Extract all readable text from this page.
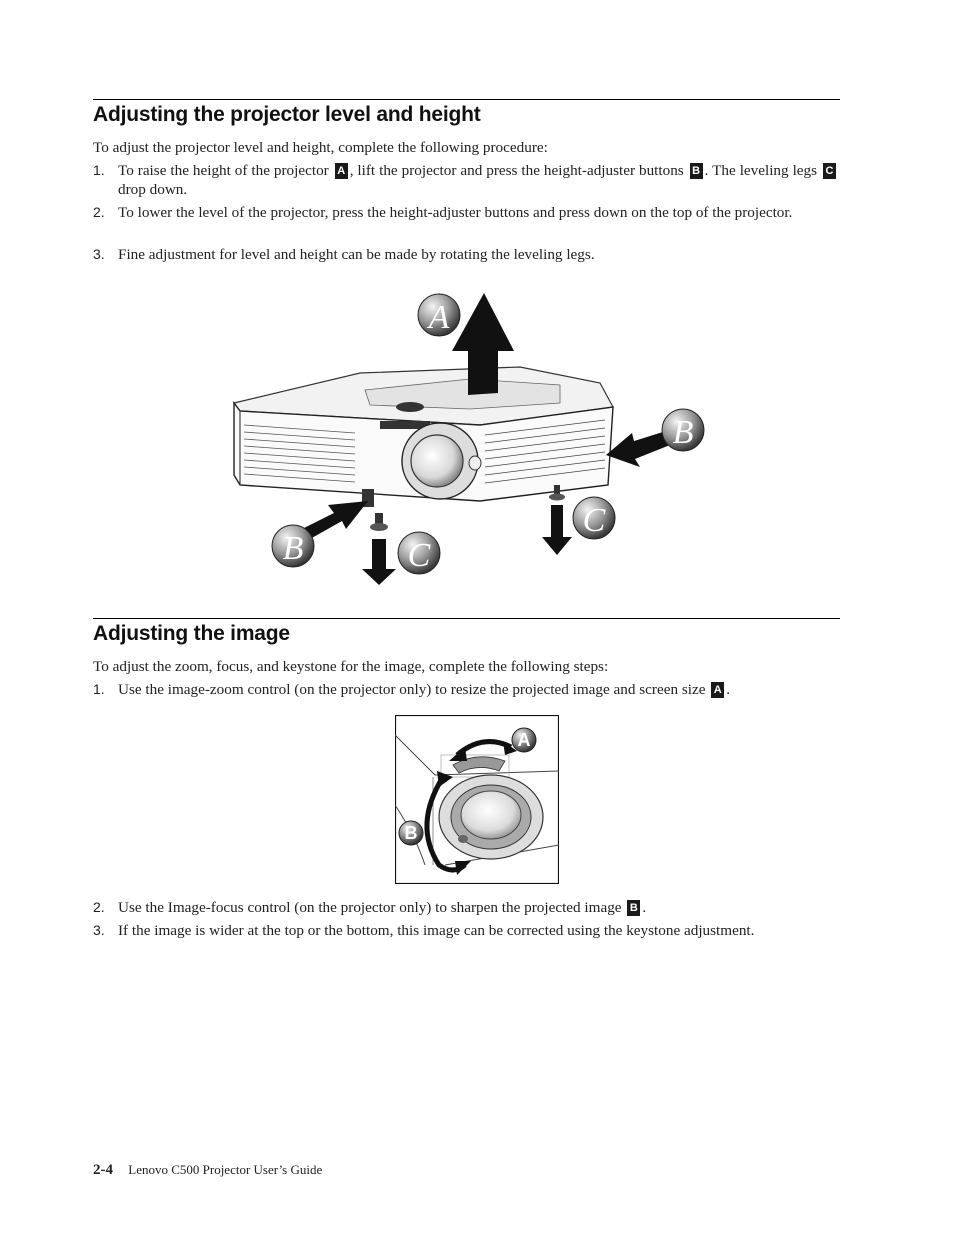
Adjusting the projector level and height

To adjust the projector level and height, complete the following procedure:

1. To raise the height of the projector A , lift the projector and press the height-adjuster buttons B . The leveling legs C drop down.
2. To lower the level of the projector, press the height-adjuster buttons and press down on the top of the projector.
3. Fine adjustment for level and height can be made by rotating the leveling legs.
A
B
B	C
C
Adjusting the image

To adjust the zoom, focus, and keystone for the image, complete the following steps:

1. Use the image-zoom control (on the projector only) to resize the projected image and screen size A .
A
B
2. Use the Image-focus control (on the projector only) to sharpen the projected image B .
3. If the image is wider at the top or the bottom, this image can be corrected using the keystone adjustment.
2-4 Lenovo C500 Projector User’s Guide
